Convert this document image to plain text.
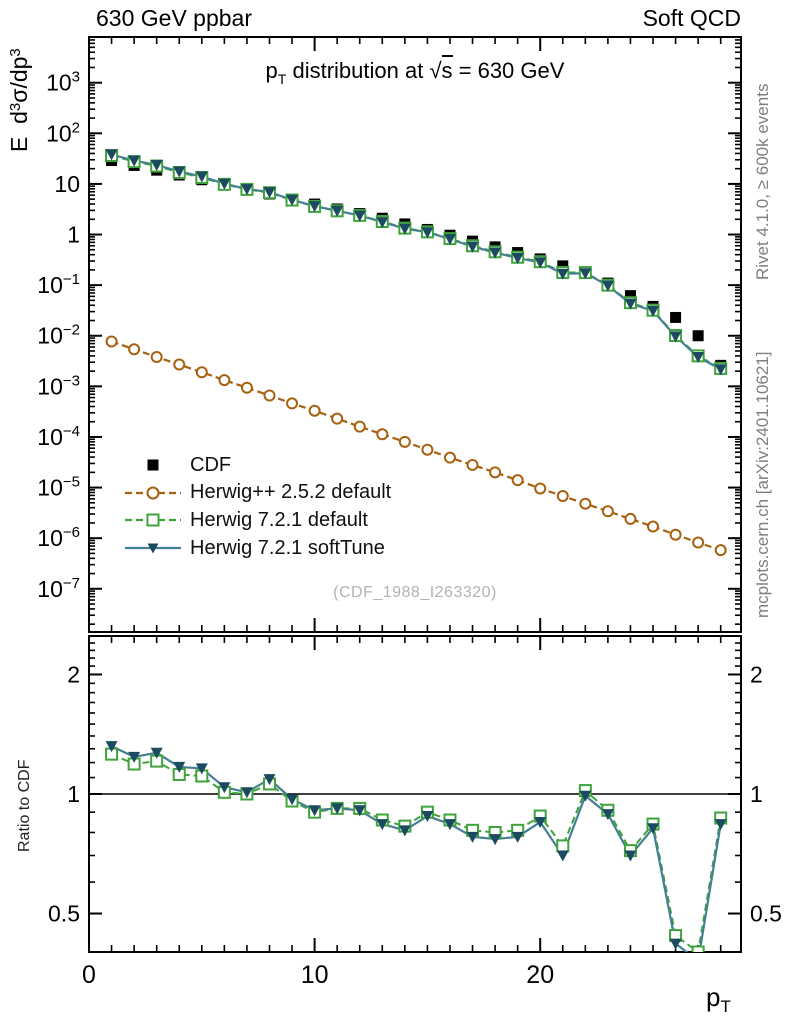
$10^3$
$10^2$
10
1
$10^{-1}$
$10^{-2}$
$10^{-3}$
$10^{-4}$
$10^{-5}$
$10^{-6}$
$10^{-7}$
2	2
1	1
0.5	0.5
0	10	20
630 GeV ppbar	Soft QCD
$p_T$ distribution at √s = 630 GeV
E  $d^3\sigma/dp^3$
Ratio to CDF
$p_T$
Rivet 4.1.0, ≥ 600k events
mcplots.cern.ch [arXiv:2401.10621]
(CDF_1988_I263320)
CDF
Herwig++ 2.5.2 default
Herwig 7.2.1 default
Herwig 7.2.1 softTune
